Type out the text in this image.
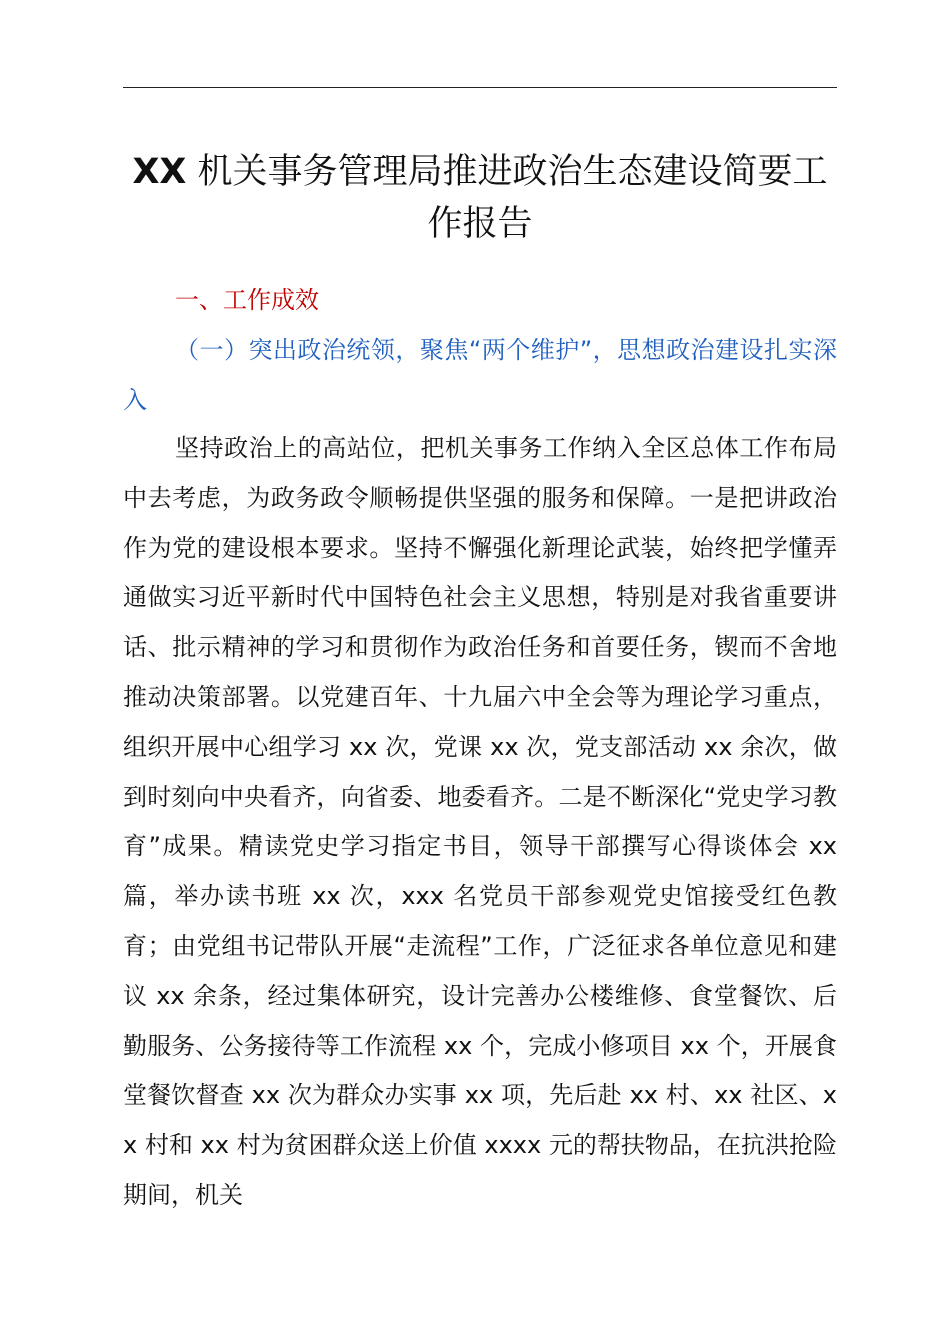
XX 机关事务管理局推进政治生态建设简要工作报告
一、工作成效
（一）突出政治统领，聚焦“两个维护”，思想政治建设扎实深入

坚持政治上的高站位，把机关事务工作纳入全区总体工作布局中去考虑，为政务政令顺畅提供坚强的服务和保障。一是把讲政治作为党的建设根本要求。坚持不懈强化新理论武装，始终把学懂弄通做实习近平新时代中国特色社会主义思想，特别是对我省重要讲话、批示精神的学习和贯彻作为政治任务和首要任务，锲而不舍地推动决策部署。以党建百年、十九届六中全会等为理论学习重点，组织开展中心组学习 xx 次，党课 xx 次，党支部活动 xx 余次，做到时刻向中央看齐，向省委、地委看齐。二是不断深化“党史学习教育”成果。精读党史学习指定书目，领导干部撰写心得谈体会 xx 篇，举办读书班 xx 次，xxx 名党员干部参观党史馆接受红色教育；由党组书记带队开展“走流程”工作，广泛征求各单位意见和建议 xx 余条，经过集体研究，设计完善办公楼维修、食堂餐饮、后勤服务、公务接待等工作流程 xx 个，完成小修项目 xx 个，开展食堂餐饮督查 xx 次为群众办实事 xx 项，先后赴 xx 村、xx 社区、xx 村和 xx 村为贫困群众送上价值 xxxx 元的帮扶物品，在抗洪抢险期间，机关
